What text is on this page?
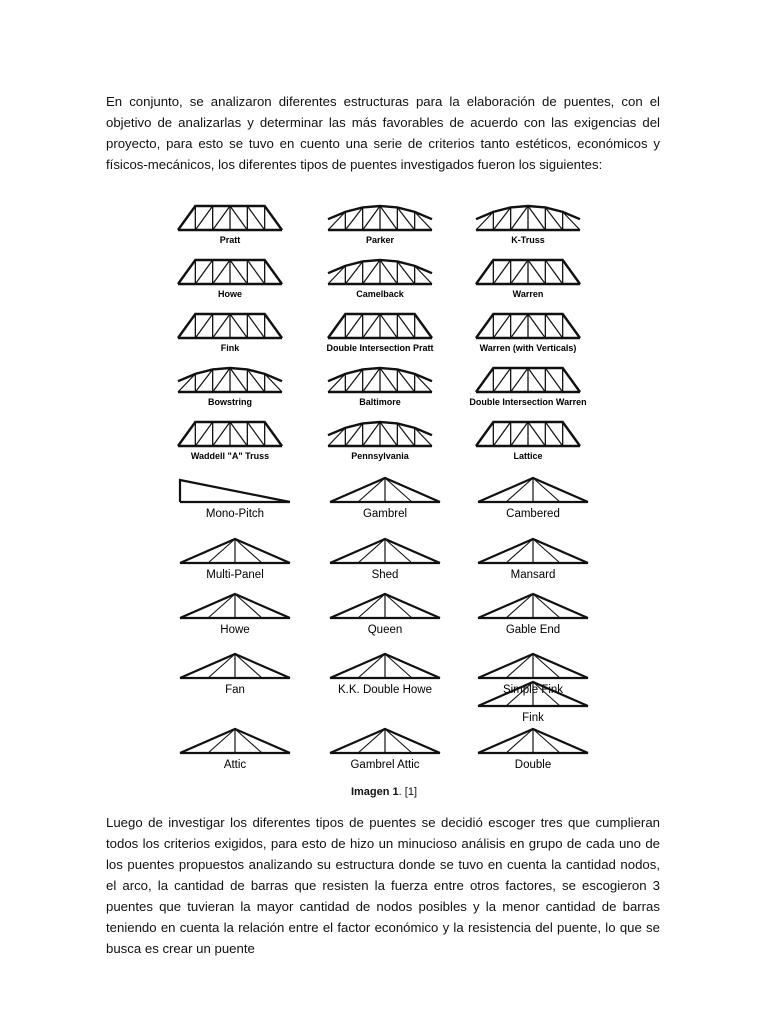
En conjunto, se analizaron diferentes estructuras para la elaboración de puentes, con el objetivo de analizarlas y determinar las más favorables de acuerdo con las exigencias del proyecto, para esto se tuvo en cuento una serie de criterios tanto estéticos, económicos y físicos-mecánicos, los diferentes tipos de puentes investigados fueron los siguientes:

Pratt	Parker	K-Truss
Howe	Camelback	Warren
Fink	Double Intersection Pratt	Warren (with Verticals)
Bowstring	Baltimore	Double Intersection Warren
Waddell "A" Truss	Pennsylvania	Lattice
Mono-Pitch	Gambrel	Cambered
Multi-Panel	Shed	Mansard
Howe	Queen	Gable End
Fan	K.K. Double Howe	Simple Fink
Fink
Attic	Gambrel Attic	Double
Imagen 1. [1]

Luego de investigar los diferentes tipos de puentes se decidió escoger tres que cumplieran todos los criterios exigidos, para esto de hizo un minucioso análisis en grupo de cada uno de los puentes propuestos analizando su estructura donde se tuvo en cuenta la cantidad nodos, el arco, la cantidad de barras que resisten la fuerza entre otros factores, se escogieron 3 puentes que tuvieran la mayor cantidad de nodos posibles y la menor cantidad de barras teniendo en cuenta la relación entre el factor económico y la resistencia del puente, lo que se busca es crear un puente
